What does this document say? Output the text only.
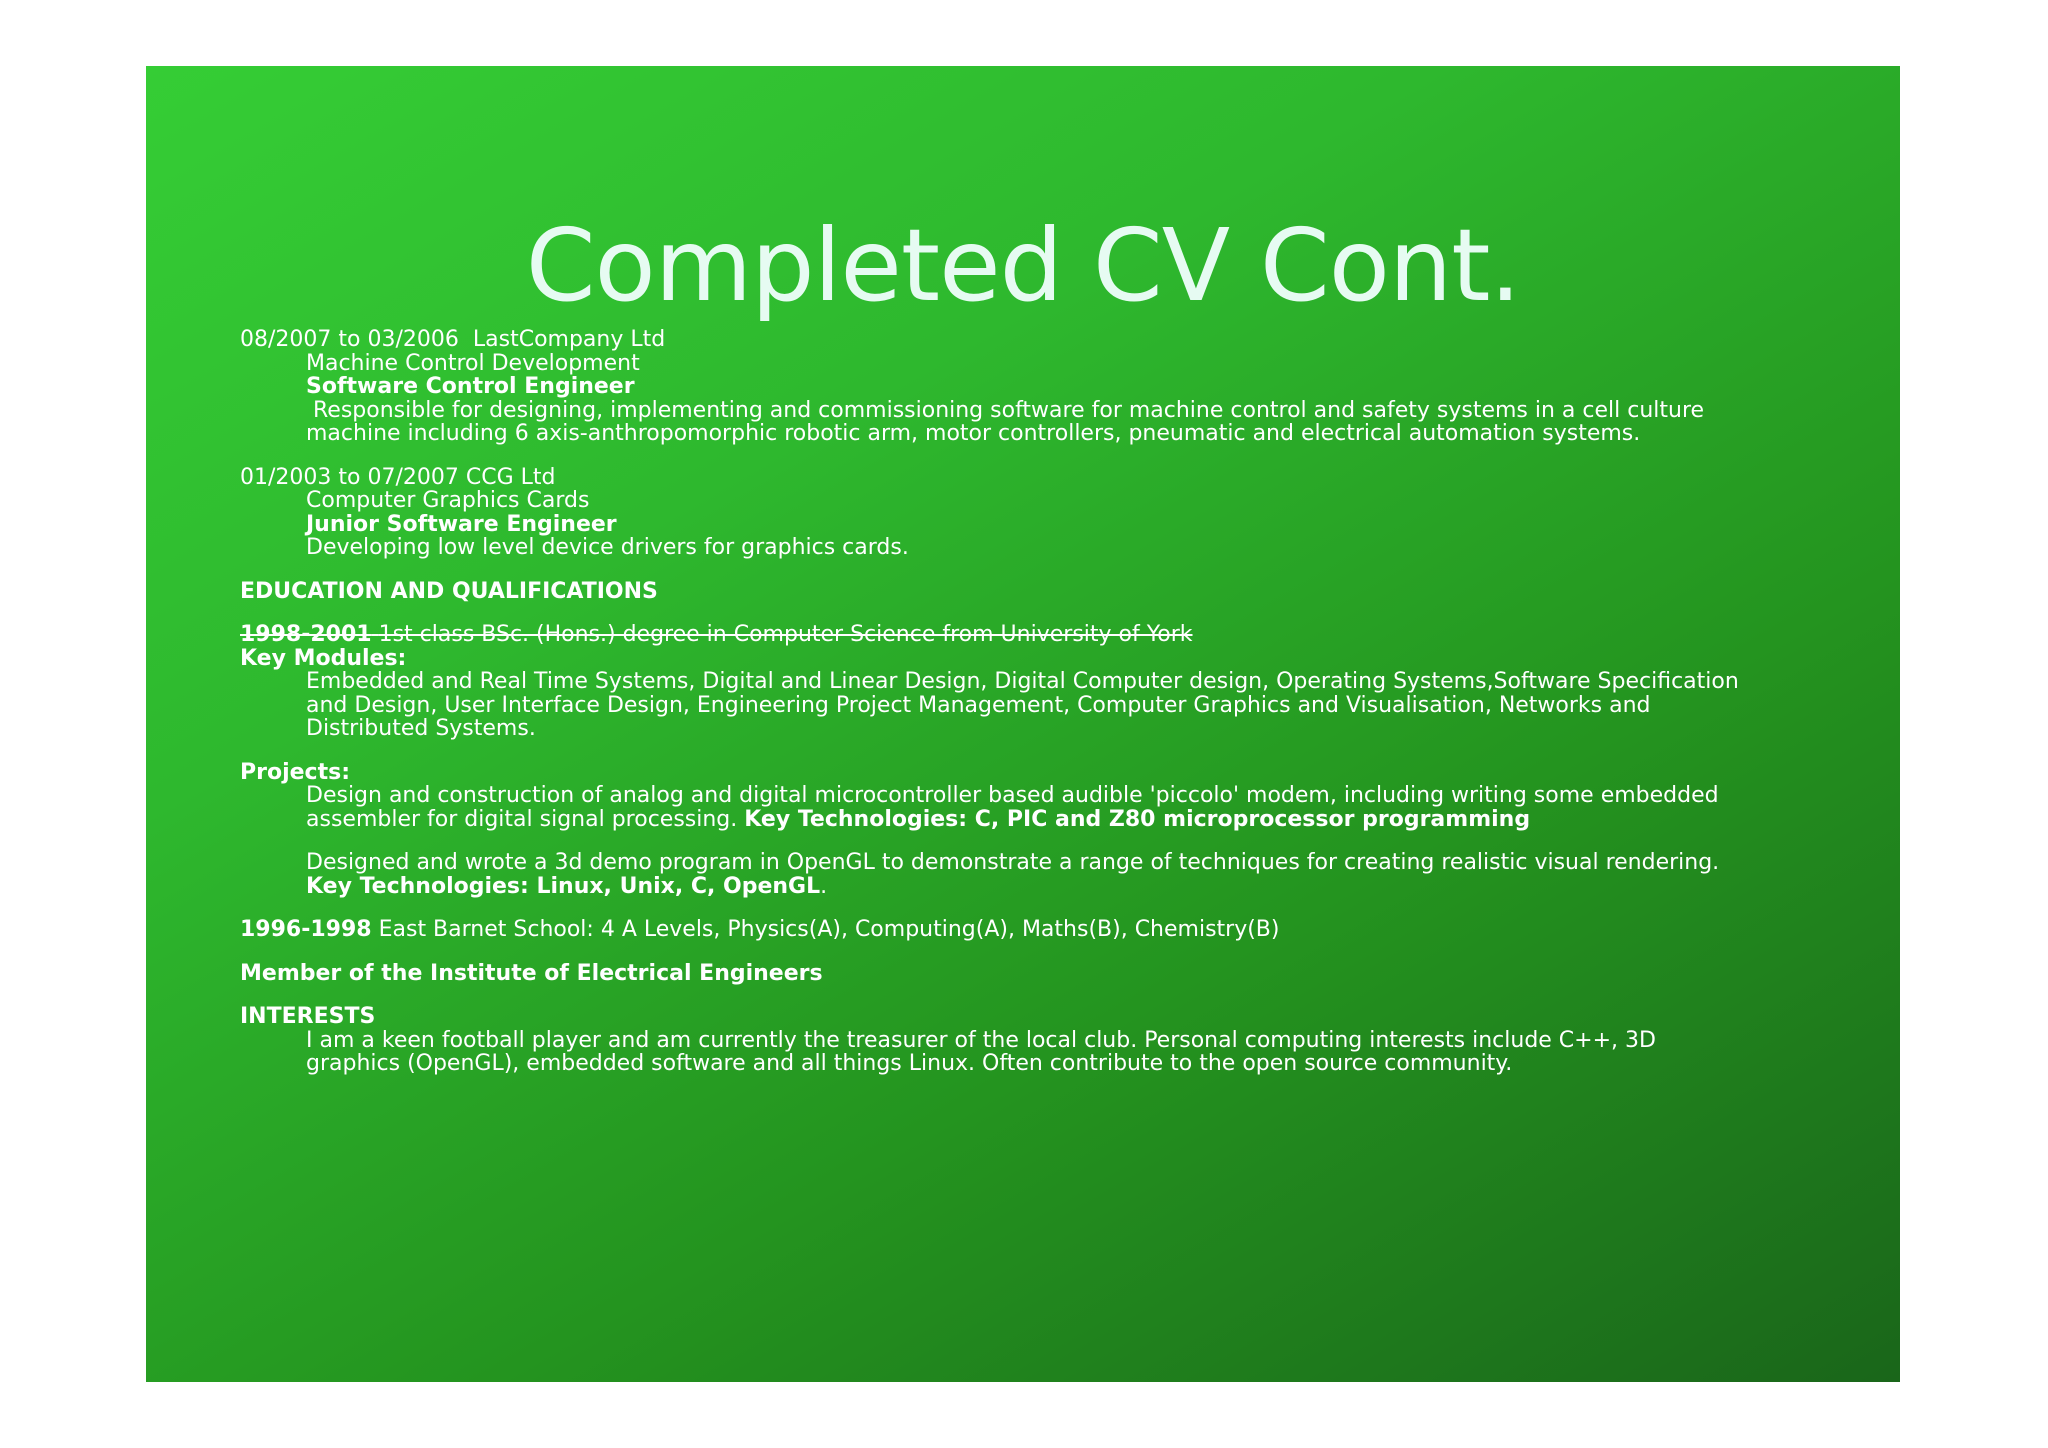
Completed CV Cont.

08/2007 to 03/2006 LastCompany Ltd

Machine Control Development

Software Control Engineer

Responsible for designing, implementing and commissioning software for machine control and safety systems in a cell culture machine including 6 axis-anthropomorphic robotic arm, motor controllers, pneumatic and electrical automation systems.

01/2003 to 07/2007 CCG Ltd

Computer Graphics Cards

Junior Software Engineer

Developing low level device drivers for graphics cards.

EDUCATION AND QUALIFICATIONS

1998-2001 1st class BSc. (Hons.) degree in Computer Science from University of York

Key Modules:

Embedded and Real Time Systems, Digital and Linear Design, Digital Computer design, Operating Systems,Software Specification and Design, User Interface Design, Engineering Project Management, Computer Graphics and Visualisation, Networks and Distributed Systems.

Projects:

Design and construction of analog and digital microcontroller based audible 'piccolo' modem, including writing some embedded assembler for digital signal processing. Key Technologies: C, PIC and Z80 microprocessor programming

Designed and wrote a 3d demo program in OpenGL to demonstrate a range of techniques for creating realistic visual rendering. Key Technologies: Linux, Unix, C, OpenGL.

1996-1998 East Barnet School: 4 A Levels, Physics(A), Computing(A), Maths(B), Chemistry(B)

Member of the Institute of Electrical Engineers

INTERESTS

I am a keen football player and am currently the treasurer of the local club. Personal computing interests include C++, 3D graphics (OpenGL), embedded software and all things Linux. Often contribute to the open source community.
